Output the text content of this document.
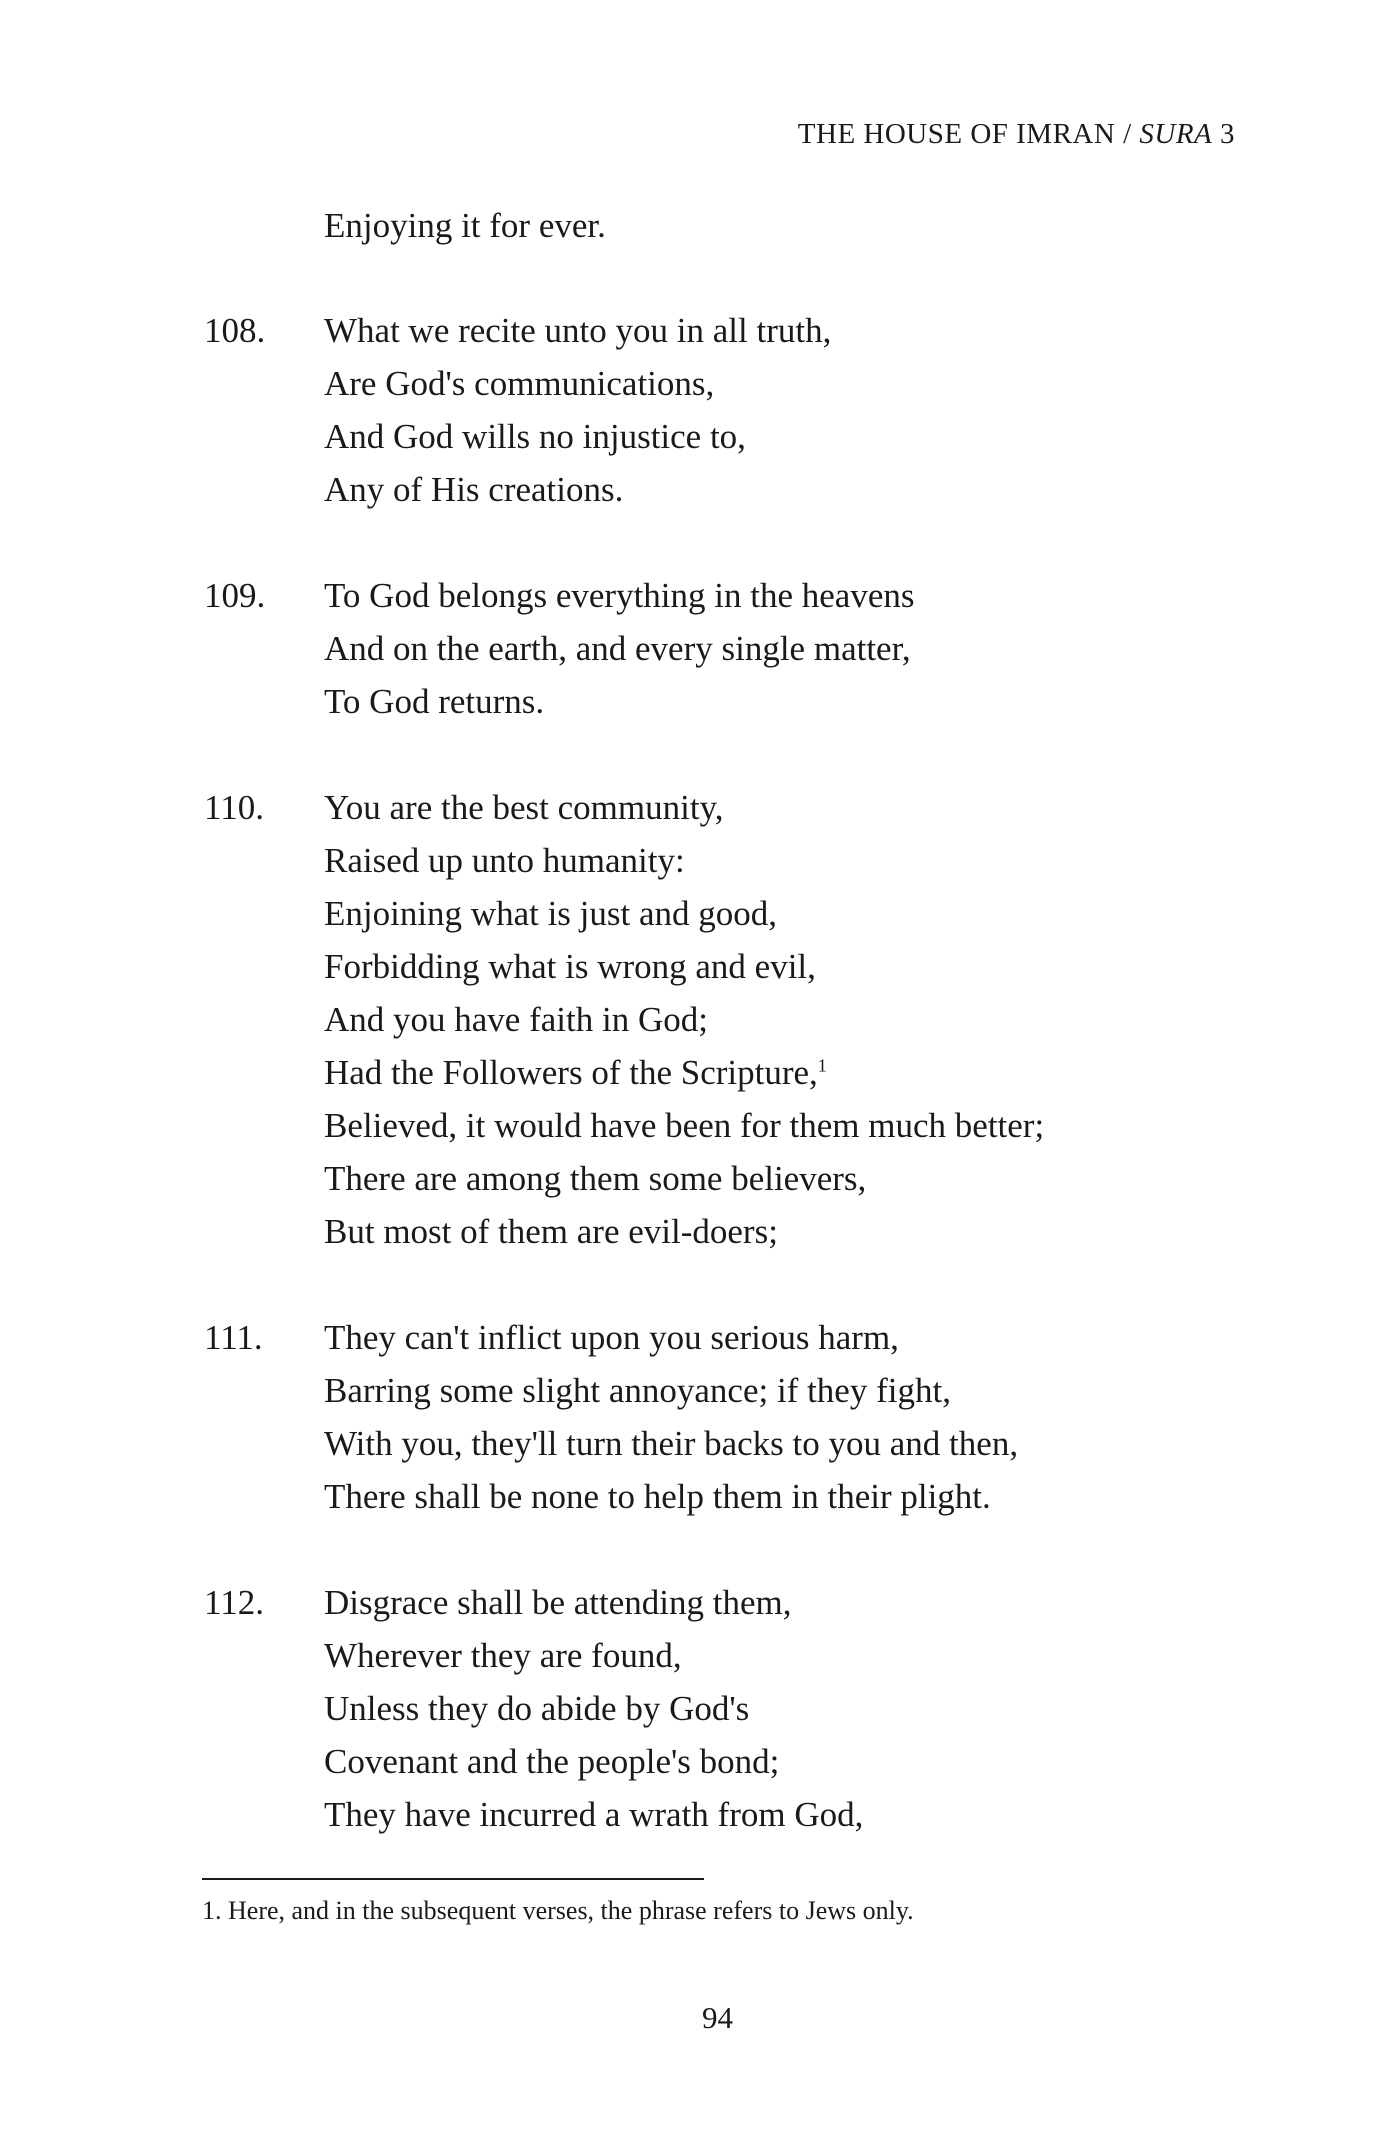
THE HOUSE OF IMRAN / SURA 3
Enjoying it for ever.
108. What we recite unto you in all truth,
Are God's communications,
And God wills no injustice to,
Any of His creations.
109. To God belongs everything in the heavens
And on the earth, and every single matter,
To God returns.
110. You are the best community,
Raised up unto humanity:
Enjoining what is just and good,
Forbidding what is wrong and evil,
And you have faith in God;
Had the Followers of the Scripture,$^1$
Believed, it would have been for them much better;
There are among them some believers,
But most of them are evil-doers;
111. They can't inflict upon you serious harm,
Barring some slight annoyance; if they fight,
With you, they'll turn their backs to you and then,
There shall be none to help them in their plight.
112. Disgrace shall be attending them,
Wherever they are found,
Unless they do abide by God's
Covenant and the people's bond;
They have incurred a wrath from God,
1. Here, and in the subsequent verses, the phrase refers to Jews only.
94
